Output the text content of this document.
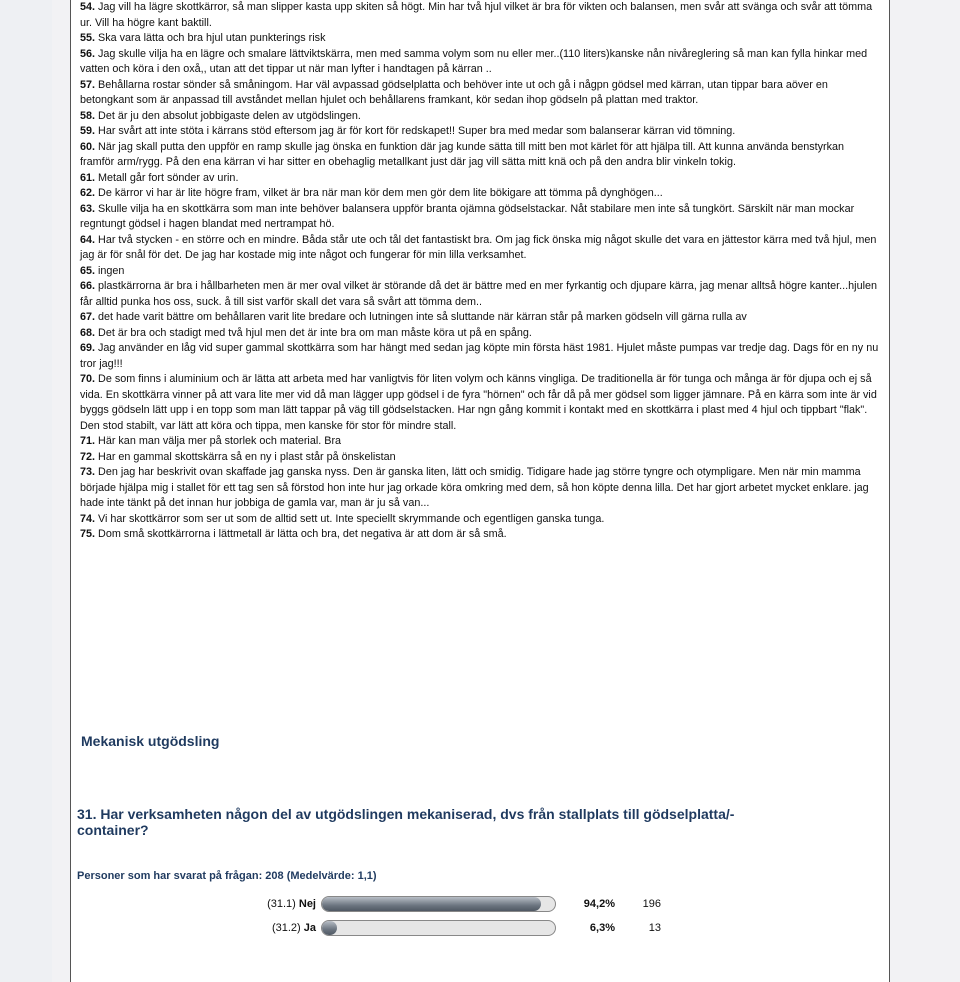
54. Jag vill ha lägre skottkärror, så man slipper kasta upp skiten så högt. Min har två hjul vilket är bra för vikten och balansen, men svår att svänga och svår att tömma ur. Vill ha högre kant baktill.

55. Ska vara lätta och bra hjul utan punkterings risk

56. Jag skulle vilja ha en lägre och smalare lättviktskärra, men med samma volym som nu eller mer..(110 liters)kanske nån nivåreglering så man kan fylla hinkar med vatten och köra i den oxå,, utan att det tippar ut när man lyfter i handtagen på kärran ..

57. Behållarna rostar sönder så småningom. Har väl avpassad gödselplatta och behöver inte ut och gå i någpn gödsel med kärran, utan tippar bara aöver en betongkant som är anpassad till avståndet mellan hjulet och behållarens framkant, kör sedan ihop gödseln på plattan med traktor.

58. Det är ju den absolut jobbigaste delen av utgödslingen.

59. Har svårt att inte stöta i kärrans stöd eftersom jag är för kort för redskapet!! Super bra med medar som balanserar kärran vid tömning.

60. När jag skall putta den uppför en ramp skulle jag önska en funktion där jag kunde sätta till mitt ben mot kärlet för att hjälpa till. Att kunna använda benstyrkan framför arm/rygg. På den ena kärran vi har sitter en obehaglig metallkant just där jag vill sätta mitt knä och på den andra blir vinkeln tokig.

61. Metall går fort sönder av urin.

62. De kärror vi har är lite högre fram, vilket är bra när man kör dem men gör dem lite bökigare att tömma på dynghögen...

63. Skulle vilja ha en skottkärra som man inte behöver balansera uppför branta ojämna gödselstackar. Nåt stabilare men inte så tungkört. Särskilt när man mockar regntungt gödsel i hagen blandat med nertrampat hö.

64. Har två stycken - en större och en mindre. Båda står ute och tål det fantastiskt bra. Om jag fick önska mig något skulle det vara en jättestor kärra med två hjul, men jag är för snål för det. De jag har kostade mig inte något och fungerar för min lilla verksamhet.

65. ingen

66. plastkärrorna är bra i hållbarheten men är mer oval vilket är störande då det är bättre med en mer fyrkantig och djupare kärra, jag menar alltså högre kanter...hjulen får alltid punka hos oss, suck. å till sist varför skall det vara så svårt att tömma dem..

67. det hade varit bättre om behållaren varit lite bredare och lutningen inte så sluttande när kärran står på marken gödseln vill gärna rulla av

68. Det är bra och stadigt med två hjul men det är inte bra om man måste köra ut på en spång.

69. Jag använder en låg vid super gammal skottkärra som har hängt med sedan jag köpte min första häst 1981. Hjulet måste pumpas var tredje dag. Dags för en ny nu tror jag!!!

70. De som finns i aluminium och är lätta att arbeta med har vanligtvis för liten volym och känns vingliga. De traditionella är för tunga och många är för djupa och ej så vida. En skottkärra vinner på att vara lite mer vid då man lägger upp gödsel i de fyra "hörnen" och får då på mer gödsel som ligger jämnare. På en kärra som inte är vid byggs gödseln lätt upp i en topp som man lätt tappar på väg till gödselstacken. Har ngn gång kommit i kontakt med en skottkärra i plast med 4 hjul och tippbart "flak". Den stod stabilt, var lätt att köra och tippa, men kanske för stor för mindre stall.

71. Här kan man välja mer på storlek och material. Bra

72. Har en gammal skottskärra så en ny i plast står på önskelistan

73. Den jag har beskrivit ovan skaffade jag ganska nyss. Den är ganska liten, lätt och smidig. Tidigare hade jag större tyngre och otympligare. Men när min mamma började hjälpa mig i stallet för ett tag sen så förstod hon inte hur jag orkade köra omkring med dem, så hon köpte denna lilla. Det har gjort arbetet mycket enklare. jag hade inte tänkt på det innan hur jobbiga de gamla var, man är ju så van...

74. Vi har skottkärror som ser ut som de alltid sett ut. Inte speciellt skrymmande och egentligen ganska tunga.

75. Dom små skottkärrorna i lättmetall är lätta och bra, det negativa är att dom är så små.

Mekanisk utgödsling
31. Har verksamheten någon del av utgödslingen mekaniserad, dvs från stallplats till gödselplatta/-container?
Personer som har svarat på frågan: 208 (Medelvärde: 1,1)
(31.1) Nej	94,2%	196
(31.2) Ja	6,3%	13
